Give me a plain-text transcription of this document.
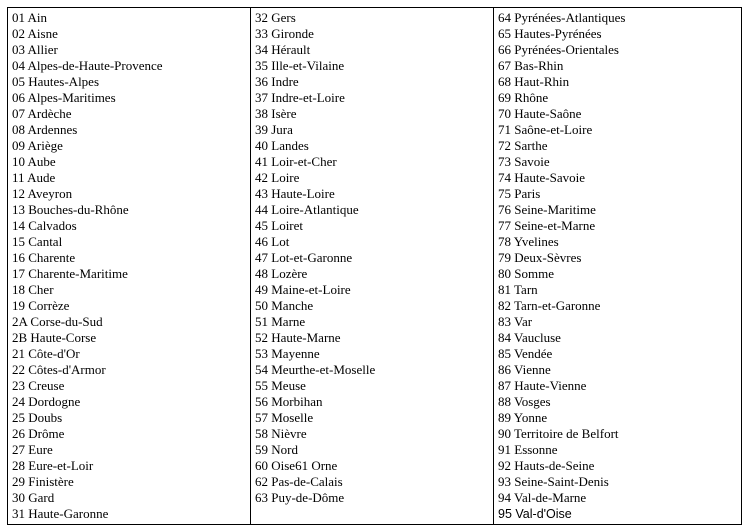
01 Ain
02 Aisne
03 Allier
04 Alpes-de-Haute-Provence
05 Hautes-Alpes
06 Alpes-Maritimes
07 Ardèche
08 Ardennes
09 Ariège
10 Aube
11 Aude
12 Aveyron
13 Bouches-du-Rhône
14 Calvados
15 Cantal
16 Charente
17 Charente-Maritime
18 Cher
19 Corrèze
2A Corse-du-Sud
2B Haute-Corse
21 Côte-d'Or
22 Côtes-d'Armor
23 Creuse
24 Dordogne
25 Doubs
26 Drôme
27 Eure
28 Eure-et-Loir
29 Finistère
30 Gard
31 Haute-Garonne
32 Gers
33 Gironde
34 Hérault
35 Ille-et-Vilaine
36 Indre
37 Indre-et-Loire
38 Isère
39 Jura
40 Landes
41 Loir-et-Cher
42 Loire
43 Haute-Loire
44 Loire-Atlantique
45 Loiret
46 Lot
47 Lot-et-Garonne
48 Lozère
49 Maine-et-Loire
50 Manche
51 Marne
52 Haute-Marne
53 Mayenne
54 Meurthe-et-Moselle
55 Meuse
56 Morbihan
57 Moselle
58 Nièvre
59 Nord
60 Oise61 Orne
62 Pas-de-Calais
63 Puy-de-Dôme
64 Pyrénées-Atlantiques
65 Hautes-Pyrénées
66 Pyrénées-Orientales
67 Bas-Rhin
68 Haut-Rhin
69 Rhône
70 Haute-Saône
71 Saône-et-Loire
72 Sarthe
73 Savoie
74 Haute-Savoie
75 Paris
76 Seine-Maritime
77 Seine-et-Marne
78 Yvelines
79 Deux-Sèvres
80 Somme
81 Tarn
82 Tarn-et-Garonne
83 Var
84 Vaucluse
85 Vendée
86 Vienne
87 Haute-Vienne
88 Vosges
89 Yonne
90 Territoire de Belfort
91 Essonne
92 Hauts-de-Seine
93 Seine-Saint-Denis
94 Val-de-Marne
95 Val-d'Oise
